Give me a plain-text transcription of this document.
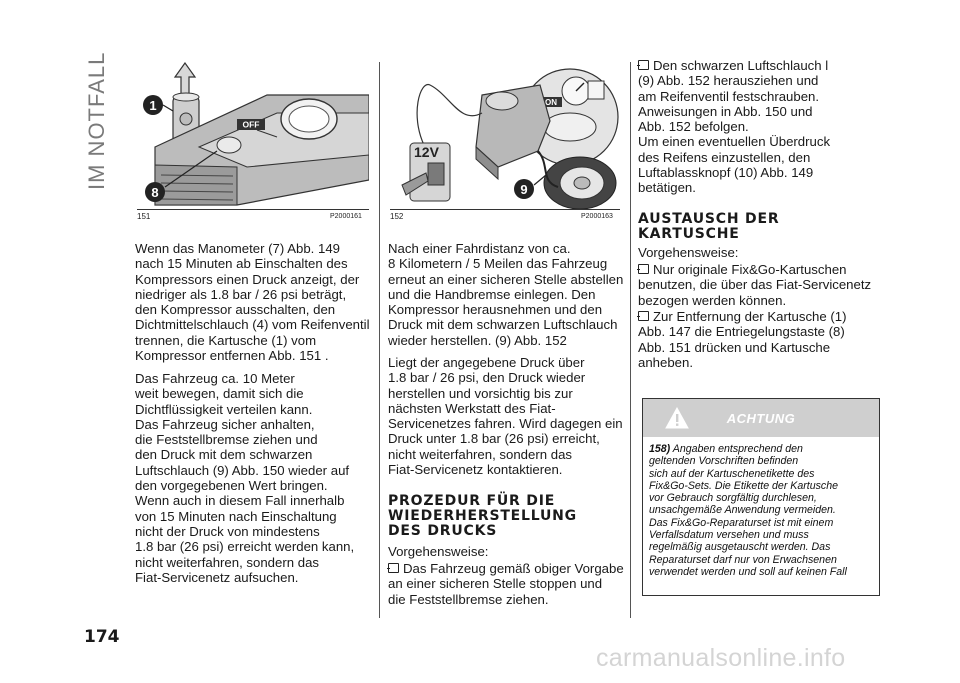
IM NOTFALL	OFF
1
8
151	P2000161
ON
12V
9
152	P2000163
Wenn das Manometer (7) Abb. 149
nach 15 Minuten ab Einschalten des
Kompressors einen Druck anzeigt, der
niedriger als 1.8 bar / 26 psi beträgt,
den Kompressor ausschalten, den
Dichtmittelschlauch (4) vom Reifenventil
trennen, die Kartusche (1) vom
Kompressor entfernen Abb. 151 .
Das Fahrzeug ca. 10 Meter
weit bewegen, damit sich die
Dichtflüssigkeit verteilen kann.
Das Fahrzeug sicher anhalten,
die Feststellbremse ziehen und
den Druck mit dem schwarzen
Luftschlauch (9) Abb. 150 wieder auf
den vorgegebenen Wert bringen.
Wenn auch in diesem Fall innerhalb
von 15 Minuten nach Einschaltung
nicht der Druck von mindestens
1.8 bar (26 psi) erreicht werden kann,
nicht weiterfahren, sondern das
Fiat-Servicenetz aufsuchen.
Nach einer Fahrdistanz von ca.
8 Kilometern / 5 Meilen das Fahrzeug
erneut an einer sicheren Stelle abstellen
und die Handbremse einlegen. Den
Kompressor herausnehmen und den
Druck mit dem schwarzen Luftschlauch
wieder herstellen. (9) Abb. 152
Liegt der angegebene Druck über
1.8 bar / 26 psi, den Druck wieder
herstellen und vorsichtig bis zur
nächsten Werkstatt des Fiat-
Servicenetzes fahren. Wird dagegen ein
Druck unter 1.8 bar (26 psi) erreicht,
nicht weiterfahren, sondern das
Fiat-Servicenetz kontaktieren.
PROZEDUR FÜR DIE
WIEDERHERSTELLUNG
DES DRUCKS
Vorgehensweise:
Das Fahrzeug gemäß obiger Vorgabe
an einer sicheren Stelle stoppen und
die Feststellbremse ziehen.
Den schwarzen Luftschlauch l
(9) Abb. 152 herausziehen und
am Reifenventil festschrauben.
Anweisungen in Abb. 150 und
Abb. 152 befolgen.
Um einen eventuellen Überdruck
des Reifens einzustellen, den
Luftablassknopf (10) Abb. 149
betätigen.
AUSTAUSCH DER
KARTUSCHE
Vorgehensweise:
Nur originale Fix&Go-Kartuschen
benutzen, die über das Fiat-Servicenetz
bezogen werden können.
Zur Entfernung der Kartusche (1)
Abb. 147 die Entriegelungstaste (8)
Abb. 151 drücken und Kartusche
anheben.
ACHTUNG
158) Angaben entsprechend den
geltenden Vorschriften befinden
sich auf der Kartuschenetikette des
Fix&Go-Sets. Die Etikette der Kartusche
vor Gebrauch sorgfältig durchlesen,
unsachgemäße Anwendung vermeiden.
Das Fix&Go-Reparaturset ist mit einem
Verfallsdatum versehen und muss
regelmäßig ausgetauscht werden. Das
Reparaturset darf nur von Erwachsenen
verwendet werden und soll auf keinen Fall
174
carmanualsonline.info
